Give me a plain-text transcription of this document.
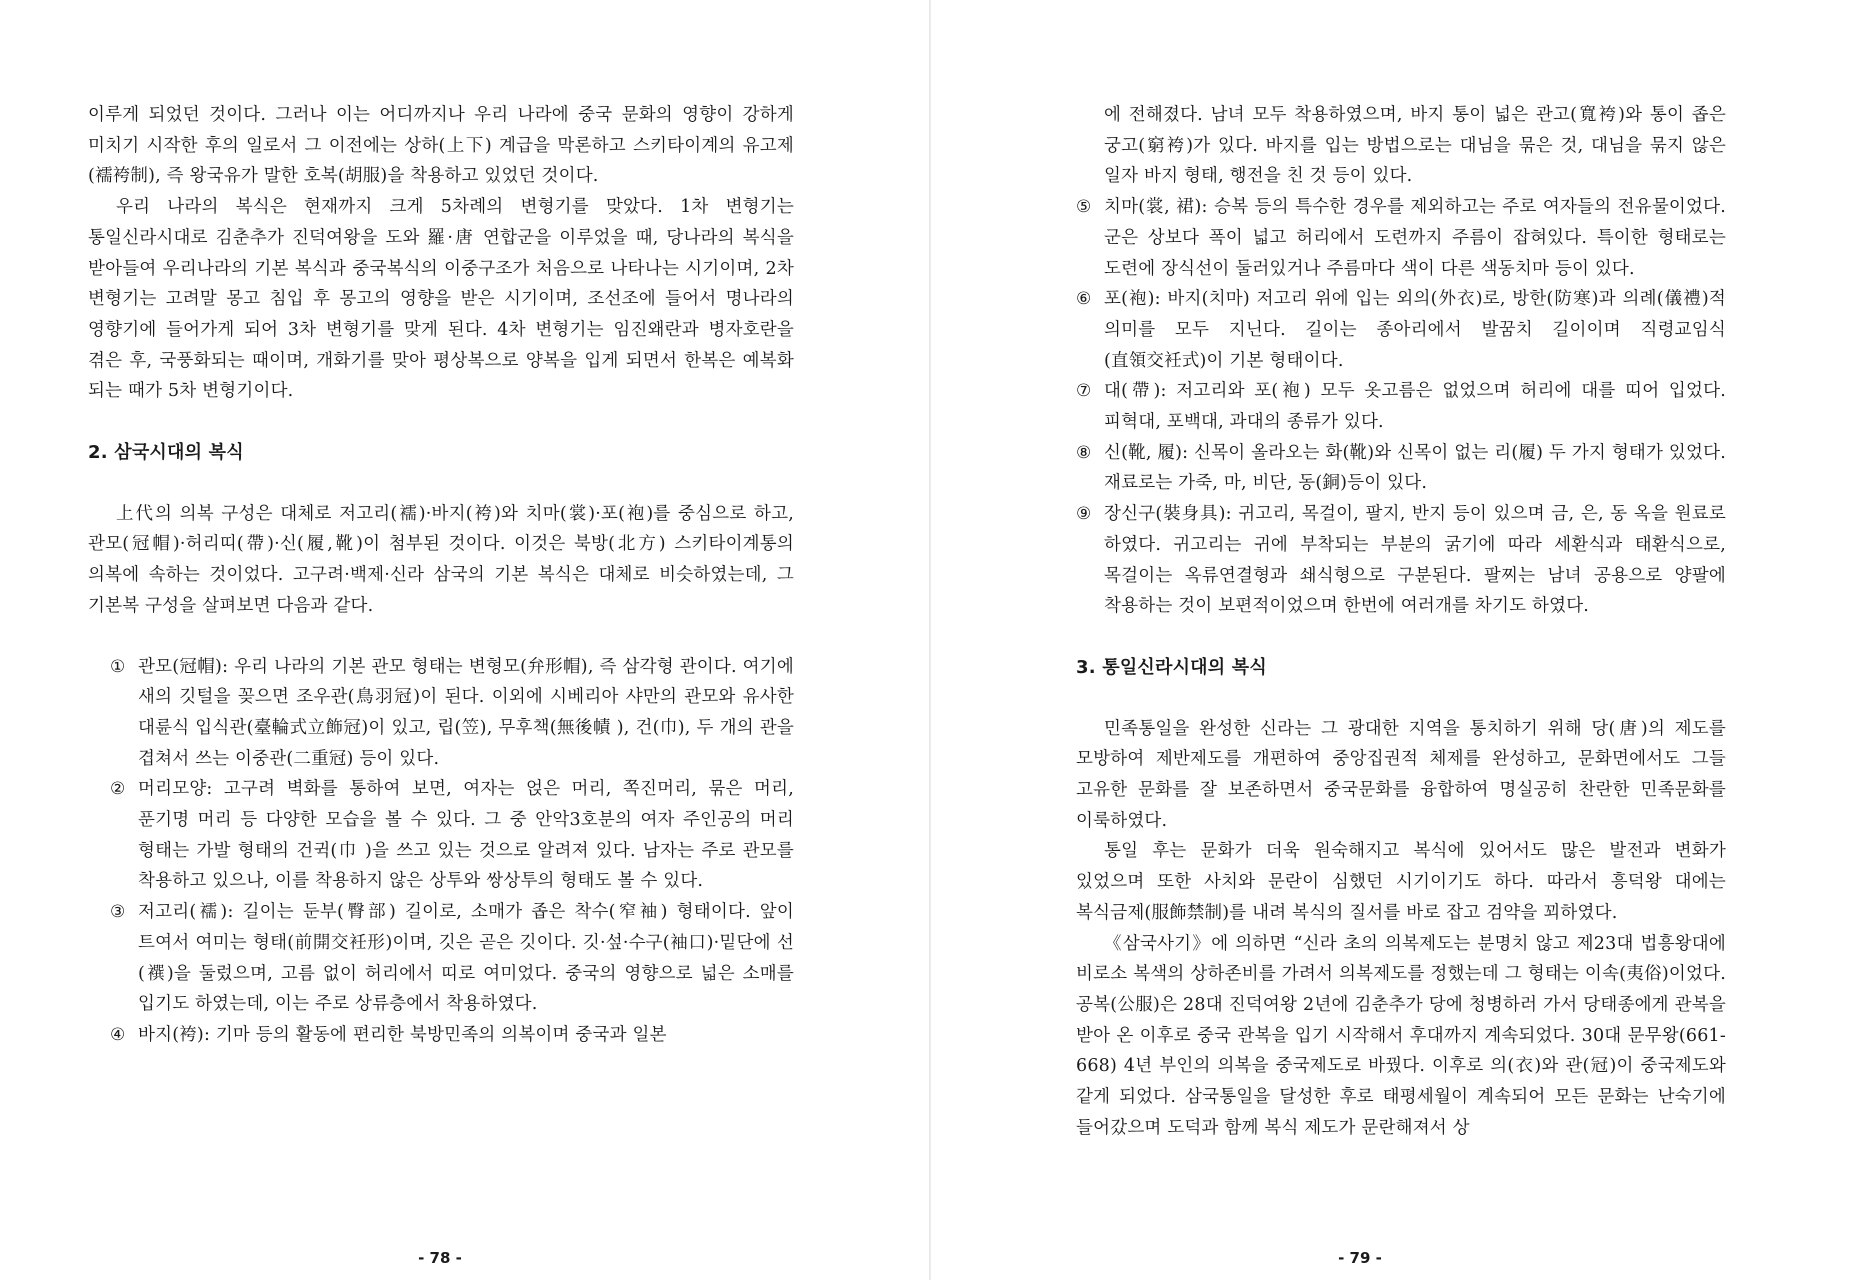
이루게 되었던 것이다. 그러나 이는 어디까지나 우리 나라에 중국 문화의 영향이 강하게 미치기 시작한 후의 일로서 그 이전에는 상하(上下) 계급을 막론하고 스키타이계의 유고제(襦袴制), 즉 왕국유가 말한 호복(胡服)을 착용하고 있었던 것이다.

우리 나라의 복식은 현재까지 크게 5차례의 변형기를 맞았다. 1차 변형기는 통일신라시대로 김춘추가 진덕여왕을 도와 羅·唐 연합군을 이루었을 때, 당나라의 복식을 받아들여 우리나라의 기본 복식과 중국복식의 이중구조가 처음으로 나타나는 시기이며, 2차 변형기는 고려말 몽고 침입 후 몽고의 영향을 받은 시기이며, 조선조에 들어서 명나라의 영향기에 들어가게 되어 3차 변형기를 맞게 된다. 4차 변형기는 임진왜란과 병자호란을 겪은 후, 국풍화되는 때이며, 개화기를 맞아 평상복으로 양복을 입게 되면서 한복은 예복화 되는 때가 5차 변형기이다.

2. 삼국시대의 복식

上代의 의복 구성은 대체로 저고리(襦)·바지(袴)와 치마(裳)·포(袍)를 중심으로 하고, 관모(冠帽)·허리띠(帶)·신(履,靴)이 첨부된 것이다. 이것은 북방(北方) 스키타이계통의 의복에 속하는 것이었다. 고구려·백제·신라 삼국의 기본 복식은 대체로 비슷하였는데, 그 기본복 구성을 살펴보면 다음과 같다.

① 관모(冠帽): 우리 나라의 기본 관모 형태는 변형모(弁形帽), 즉 삼각형 관이다. 여기에 새의 깃털을 꽂으면 조우관(鳥羽冠)이 된다. 이외에 시베리아 샤만의 관모와 유사한 대륜식 입식관(臺輪式立飾冠)이 있고, 립(笠), 무후책(無後幘 ), 건(巾), 두 개의 관을 겹쳐서 쓰는 이중관(二重冠) 등이 있다.
② 머리모양: 고구려 벽화를 통하여 보면, 여자는 얹은 머리, 쪽진머리, 묶은 머리, 푼기명 머리 등 다양한 모습을 볼 수 있다. 그 중 안악3호분의 여자 주인공의 머리 형태는 가발 형태의 건귁(巾 )을 쓰고 있는 것으로 알려져 있다. 남자는 주로 관모를 착용하고 있으나, 이를 착용하지 않은 상투와 쌍상투의 형태도 볼 수 있다.
③ 저고리(襦): 길이는 둔부(臀部) 길이로, 소매가 좁은 착수(窄袖) 형태이다. 앞이 트여서 여미는 형태(前開交衽形)이며, 깃은 곧은 깃이다. 깃·섶·수구(袖口)·밑단에 선(襈)을 둘렀으며, 고름 없이 허리에서 띠로 여미었다. 중국의 영향으로 넓은 소매를 입기도 하였는데, 이는 주로 상류층에서 착용하였다.
④ 바지(袴): 기마 등의 활동에 편리한 북방민족의 의복이며 중국과 일본
- 78 -

에 전해졌다. 남녀 모두 착용하였으며, 바지 통이 넓은 관고(寬袴)와 통이 좁은 궁고(窮袴)가 있다. 바지를 입는 방법으로는 대님을 묶은 것, 대님을 묶지 않은 일자 바지 형태, 행전을 친 것 등이 있다.

⑤ 치마(裳, 裙): 승복 등의 특수한 경우를 제외하고는 주로 여자들의 전유물이었다. 군은 상보다 폭이 넓고 허리에서 도련까지 주름이 잡혀있다. 특이한 형태로는 도련에 장식선이 둘러있거나 주름마다 색이 다른 색동치마 등이 있다.
⑥ 포(袍): 바지(치마) 저고리 위에 입는 외의(外衣)로, 방한(防寒)과 의례(儀禮)적 의미를 모두 지닌다. 길이는 종아리에서 발꿈치 길이이며 직령교임식(直領交衽式)이 기본 형태이다.
⑦ 대(帶): 저고리와 포(袍) 모두 옷고름은 없었으며 허리에 대를 띠어 입었다. 피혁대, 포백대, 과대의 종류가 있다.
⑧ 신(靴, 履): 신목이 올라오는 화(靴)와 신목이 없는 리(履) 두 가지 형태가 있었다. 재료로는 가죽, 마, 비단, 동(銅)등이 있다.
⑨ 장신구(裝身具): 귀고리, 목걸이, 팔지, 반지 등이 있으며 금, 은, 동 옥을 원료로 하였다. 귀고리는 귀에 부착되는 부분의 굵기에 따라 세환식과 태환식으로, 목걸이는 옥류연결형과 쇄식형으로 구분된다. 팔찌는 남녀 공용으로 양팔에 착용하는 것이 보편적이었으며 한번에 여러개를 차기도 하였다.
3. 통일신라시대의 복식

민족통일을 완성한 신라는 그 광대한 지역을 통치하기 위해 당(唐)의 제도를 모방하여 제반제도를 개편하여 중앙집권적 체제를 완성하고, 문화면에서도 그들 고유한 문화를 잘 보존하면서 중국문화를 융합하여 명실공히 찬란한 민족문화를 이룩하였다.

통일 후는 문화가 더욱 원숙해지고 복식에 있어서도 많은 발전과 변화가 있었으며 또한 사치와 문란이 심했던 시기이기도 하다. 따라서 흥덕왕 대에는 복식금제(服飾禁制)를 내려 복식의 질서를 바로 잡고 검약을 꾀하였다.

《삼국사기》에 의하면 “신라 초의 의복제도는 분명치 않고 제23대 법흥왕대에 비로소 복색의 상하존비를 가려서 의복제도를 정했는데 그 형태는 이속(夷俗)이었다. 공복(公服)은 28대 진덕여왕 2년에 김춘추가 당에 청병하러 가서 당태종에게 관복을 받아 온 이후로 중국 관복을 입기 시작해서 후대까지 계속되었다. 30대 문무왕(661-668) 4년 부인의 의복을 중국제도로 바꿨다. 이후로 의(衣)와 관(冠)이 중국제도와 같게 되었다. 삼국통일을 달성한 후로 태평세월이 계속되어 모든 문화는 난숙기에 들어갔으며 도덕과 함께 복식 제도가 문란해져서 상

- 79 -
